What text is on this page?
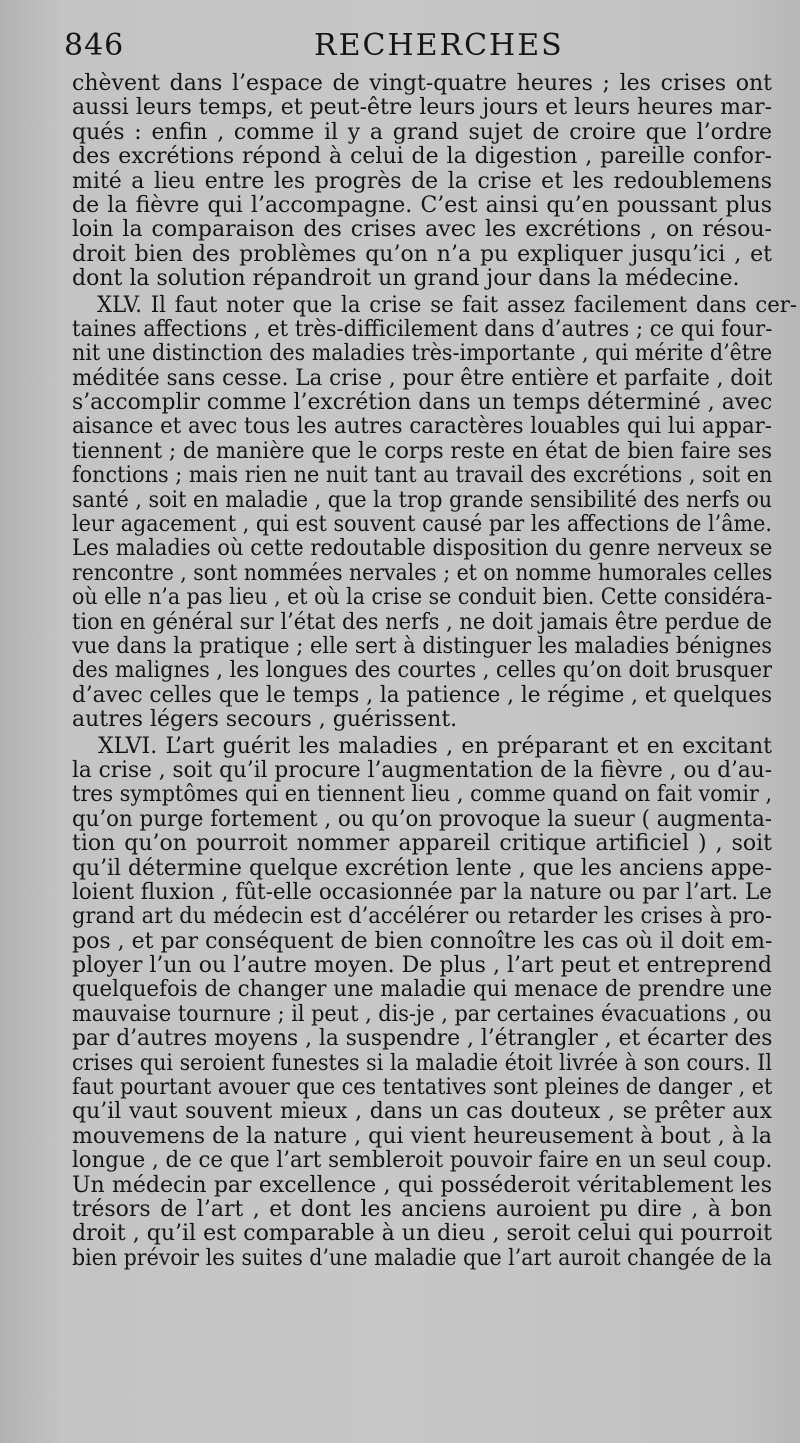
846	RECHERCHES
chèvent dans l’espace de vingt-quatre heures ; les crises ont
aussi leurs temps, et peut-être leurs jours et leurs heures mar-
qués : enfin , comme il y a grand sujet de croire que l’ordre
des excrétions répond à celui de la digestion , pareille confor-
mité a lieu entre les progrès de la crise et les redoublemens
de la fièvre qui l’accompagne. C’est ainsi qu’en poussant plus
loin la comparaison des crises avec les excrétions , on résou-
droit bien des problèmes qu’on n’a pu expliquer jusqu’ici , et
dont la solution répandroit un grand jour dans la médecine.
XLV. Il faut noter que la crise se fait assez facilement dans cer-
taines affections , et très-difficilement dans d’autres ; ce qui four-
nit une distinction des maladies très-importante , qui mérite d’être
méditée sans cesse. La crise , pour être entière et parfaite , doit
s’accomplir comme l’excrétion dans un temps déterminé , avec
aisance et avec tous les autres caractères louables qui lui appar-
tiennent ; de manière que le corps reste en état de bien faire ses
fonctions ; mais rien ne nuit tant au travail des excrétions , soit en
santé , soit en maladie , que la trop grande sensibilité des nerfs ou
leur agacement , qui est souvent causé par les affections de l’âme.
Les maladies où cette redoutable disposition du genre nerveux se
rencontre , sont nommées nervales ; et on nomme humorales celles
où elle n’a pas lieu , et où la crise se conduit bien. Cette considéra-
tion en général sur l’état des nerfs , ne doit jamais être perdue de
vue dans la pratique ; elle sert à distinguer les maladies bénignes
des malignes , les longues des courtes , celles qu’on doit brusquer
d’avec celles que le temps , la patience , le régime , et quelques
autres légers secours , guérissent.
XLVI. L’art guérit les maladies , en préparant et en excitant
la crise , soit qu’il procure l’augmentation de la fièvre , ou d’au-
tres symptômes qui en tiennent lieu , comme quand on fait vomir ,
qu’on purge fortement , ou qu’on provoque la sueur ( augmenta-
tion qu’on pourroit nommer appareil critique artificiel ) , soit
qu’il détermine quelque excrétion lente , que les anciens appe-
loient fluxion , fût-elle occasionnée par la nature ou par l’art. Le
grand art du médecin est d’accélérer ou retarder les crises à pro-
pos , et par conséquent de bien connoître les cas où il doit em-
ployer l’un ou l’autre moyen. De plus , l’art peut et entreprend
quelquefois de changer une maladie qui menace de prendre une
mauvaise tournure ; il peut , dis-je , par certaines évacuations , ou
par d’autres moyens , la suspendre , l’étrangler , et écarter des
crises qui seroient funestes si la maladie étoit livrée à son cours. Il
faut pourtant avouer que ces tentatives sont pleines de danger , et
qu’il vaut souvent mieux , dans un cas douteux , se prêter aux
mouvemens de la nature , qui vient heureusement à bout , à la
longue , de ce que l’art sembleroit pouvoir faire en un seul coup.
Un médecin par excellence , qui posséderoit véritablement les
trésors de l’art , et dont les anciens auroient pu dire , à bon
droit , qu’il est comparable à un dieu , seroit celui qui pourroit
bien prévoir les suites d’une maladie que l’art auroit changée de la
